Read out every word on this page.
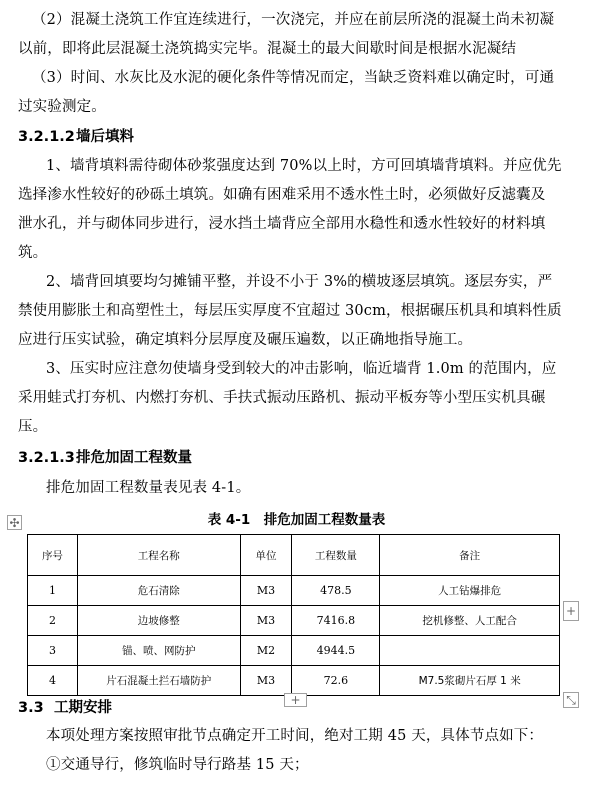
（2）混凝土浇筑工作宜连续进行，一次浇完，并应在前层所浇的混凝土尚未初凝
以前，即将此层混凝土浇筑捣实完毕。混凝土的最大间歇时间是根据水泥凝结
（3）时间、水灰比及水泥的硬化条件等情况而定，当缺乏资料难以确定时，可通
过实验测定。
3.2.1.2墙后填料
1、墙背填料需待砌体砂浆强度达到 70%以上时，方可回填墙背填料。并应优先
选择渗水性较好的砂砾土填筑。如确有困难采用不透水性土时，必须做好反滤囊及
泄水孔，并与砌体同步进行，浸水挡土墙背应全部用水稳性和透水性较好的材料填
筑。
2、墙背回填要均匀摊铺平整，并设不小于 3%的横坡逐层填筑。逐层夯实，严
禁使用膨胀土和高塑性土，每层压实厚度不宜超过 30cm，根据碾压机具和填料性质
应进行压实试验，确定填料分层厚度及碾压遍数，以正确地指导施工。
3、压实时应注意勿使墙身受到较大的冲击影响，临近墙背 1.0m 的范围内，应
采用蛙式打夯机、内燃打夯机、手扶式振动压路机、振动平板夯等小型压实机具碾
压。
3.2.1.3排危加固工程数量
排危加固工程数量表见表 4-1。
✣	表 4-1　排危加固工程数量表
序号	工程名称	单位	工程数量	备注
1	危石清除	M3	478.5	人工钻爆排危
2	边坡修整	M3	7416.8	挖机修整、人工配合
3	锚、喷、网防护	M2	4944.5	
4	片石混凝土拦石墙防护	M3	72.6	M7.5浆砌片石厚 1 米
+
+	⤡
3.3 工期安排
本项处理方案按照审批节点确定开工时间，绝对工期 45 天，具体节点如下：
①交通导行，修筑临时导行路基 15 天；
